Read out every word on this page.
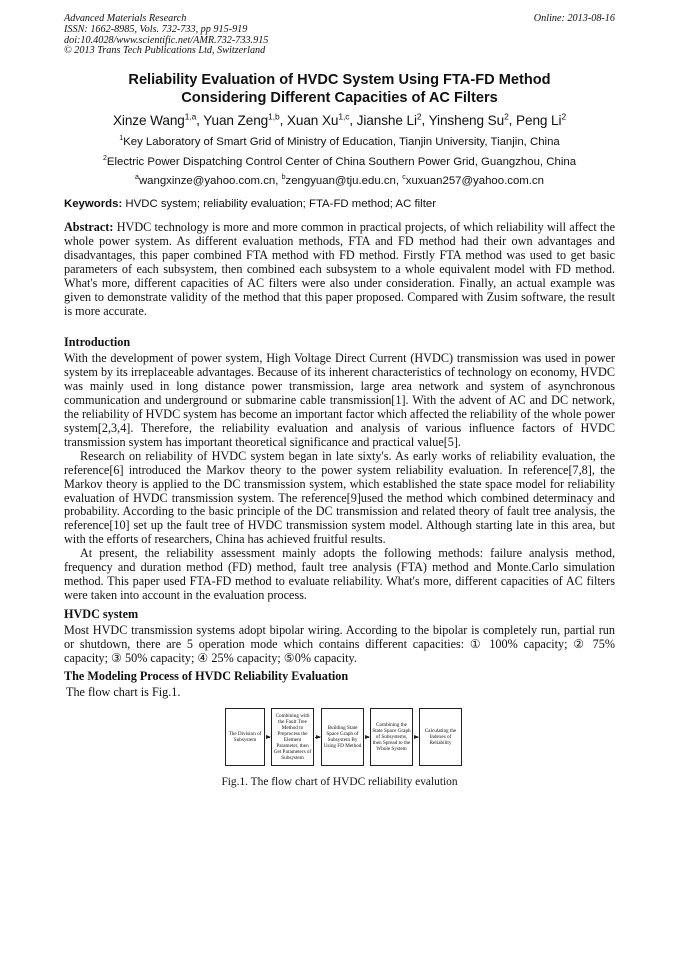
Advanced Materials Research
ISSN: 1662-8985, Vols. 732-733, pp 915-919
doi:10.4028/www.scientific.net/AMR.732-733.915
© 2013 Trans Tech Publications Ltd, Switzerland
Online: 2013-08-16
Reliability Evaluation of HVDC System Using FTA-FD Method
Considering Different Capacities of AC Filters
Xinze Wang$^{1,a}$, Yuan Zeng$^{1,b}$, Xuan Xu$^{1,c}$, Jianshe Li$^2$, Yinsheng Su$^2$, Peng Li$^2$
$^1$Key Laboratory of Smart Grid of Ministry of Education, Tianjin University, Tianjin, China
$^2$Electric Power Dispatching Control Center of China Southern Power Grid, Guangzhou, China
$^a$wangxinze@yahoo.com.cn, $^b$zengyuan@tju.edu.cn, $^c$xuxuan257@yahoo.com.cn
Keywords: HVDC system; reliability evaluation; FTA-FD method; AC filter

Abstract: HVDC technology is more and more common in practical projects, of which reliability will affect the whole power system. As different evaluation methods, FTA and FD method had their own advantages and disadvantages, this paper combined FTA method with FD method. Firstly FTA method was used to get basic parameters of each subsystem, then combined each subsystem to a whole equivalent model with FD method. What's more, different capacities of AC filters were also under consideration. Finally, an actual example was given to demonstrate validity of the method that this paper proposed. Compared with Zusim software, the result is more accurate.

Introduction

With the development of power system, High Voltage Direct Current (HVDC) transmission was used in power system by its irreplaceable advantages. Because of its inherent characteristics of technology on economy, HVDC was mainly used in long distance power transmission, large area network and system of asynchronous communication and underground or submarine cable transmission[1]. With the advent of AC and DC network, the reliability of HVDC system has become an important factor which affected the reliability of the whole power system[2,3,4]. Therefore, the reliability evaluation and analysis of various influence factors of HVDC transmission system has important theoretical significance and practical value[5].

Research on reliability of HVDC system began in late sixty's. As early works of reliability evaluation, the reference[6] introduced the Markov theory to the power system reliability evaluation. In reference[7,8], the Markov theory is applied to the DC transmission system, which established the state space model for reliability evaluation of HVDC transmission system. The reference[9]used the method which combined determinacy and probability. According to the basic principle of the DC transmission and related theory of fault tree analysis, the reference[10] set up the fault tree of HVDC transmission system model. Although starting late in this area, but with the efforts of researchers, China has achieved fruitful results.

At present, the reliability assessment mainly adopts the following methods: failure analysis method, frequency and duration method (FD) method, fault tree analysis (FTA) method and Monte.Carlo simulation method. This paper used FTA-FD method to evaluate reliability. What's more, different capacities of AC filters were taken into account in the evaluation process.

HVDC system

Most HVDC transmission systems adopt bipolar wiring. According to the bipolar is completely run, partial run or shutdown, there are 5 operation mode which contains different capacities: ① 100% capacity; ② 75% capacity; ③ 50% capacity; ④ 25% capacity; ⑤0% capacity.

The Modeling Process of HVDC Reliability Evaluation

The flow chart is Fig.1.

The Division of Subsystem
Combining with the Fault Tree Method to Preprocess the Element Parameter, then Get Parameters of Subsystem
Building State Space Graph of Subsystem By Using FD Method
Combining the State Space Graph of Subsystems, then Spread to the Whole System
Calculating the Indexes of Reliability
Fig.1. The flow chart of HVDC reliability evalution
